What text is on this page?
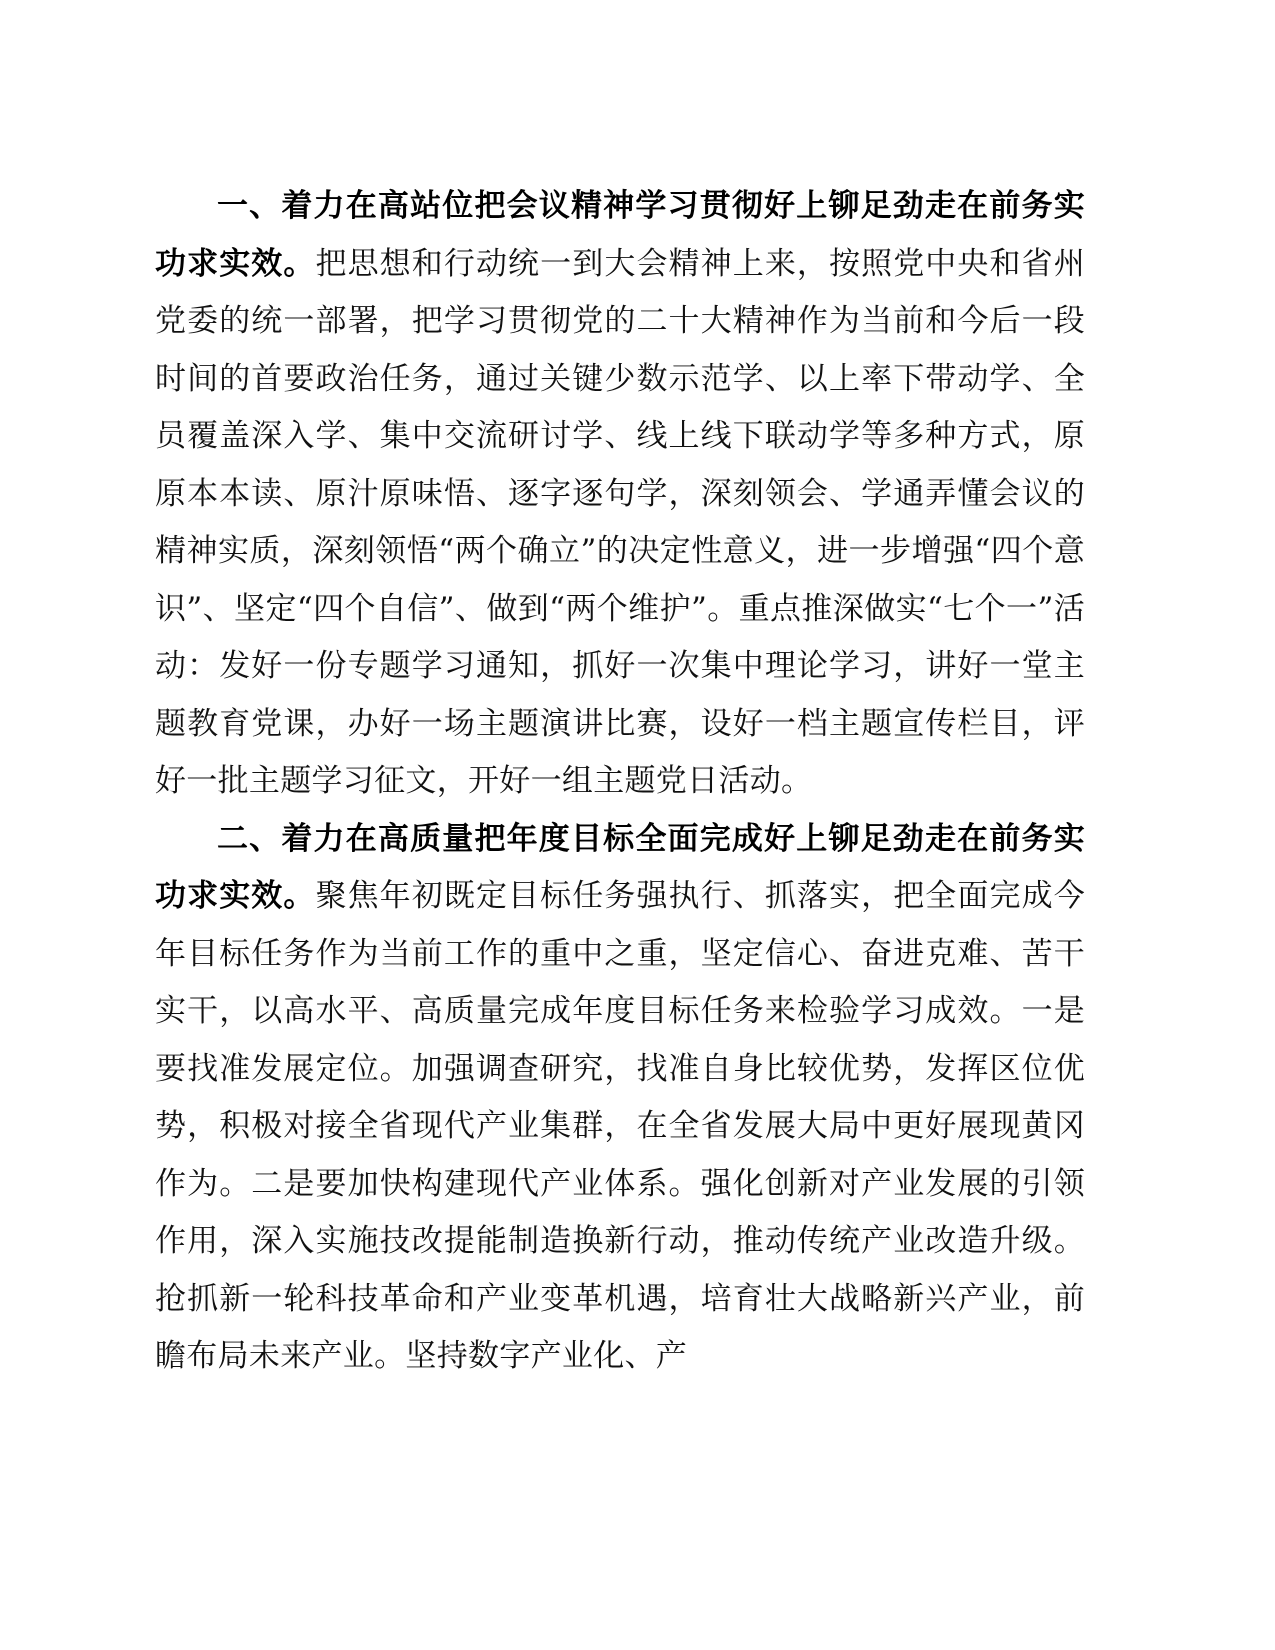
一、着力在高站位把会议精神学习贯彻好上铆足劲走在前务实功求实效。把思想和行动统一到大会精神上来，按照党中央和省州党委的统一部署，把学习贯彻党的二十大精神作为当前和今后一段时间的首要政治任务，通过关键少数示范学、以上率下带动学、全员覆盖深入学、集中交流研讨学、线上线下联动学等多种方式，原原本本读、原汁原味悟、逐字逐句学，深刻领会、学通弄懂会议的精神实质，深刻领悟“两个确立”的决定性意义，进一步增强“四个意识”、坚定“四个自信”、做到“两个维护”。重点推深做实“七个一”活动：发好一份专题学习通知，抓好一次集中理论学习，讲好一堂主题教育党课，办好一场主题演讲比赛，设好一档主题宣传栏目，评好一批主题学习征文，开好一组主题党日活动。

二、着力在高质量把年度目标全面完成好上铆足劲走在前务实功求实效。聚焦年初既定目标任务强执行、抓落实，把全面完成今年目标任务作为当前工作的重中之重，坚定信心、奋进克难、苦干实干，以高水平、高质量完成年度目标任务来检验学习成效。一是要找准发展定位。加强调查研究，找准自身比较优势，发挥区位优势，积极对接全省现代产业集群，在全省发展大局中更好展现黄冈作为。二是要加快构建现代产业体系。强化创新对产业发展的引领作用，深入实施技改提能制造换新行动，推动传统产业改造升级。抢抓新一轮科技革命和产业变革机遇，培育壮大战略新兴产业，前瞻布局未来产业。坚持数字产业化、产
